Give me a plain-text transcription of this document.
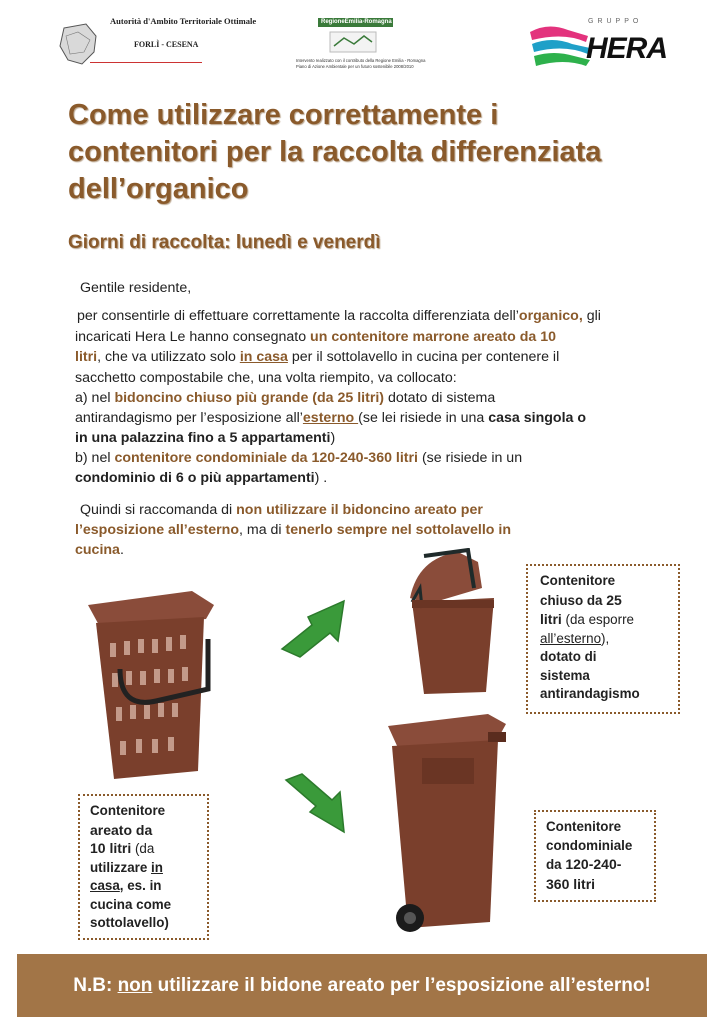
Autorità d'Ambito Territoriale Ottimale
FORLÌ - CESENA
RegioneEmilia-Romagna
Intervento realizzato con il contributo della Regione Emilia - Romagna
Piano di Azione Ambientale per un futuro sostenibile 2008/2010
GRUPPO
HERA
Come utilizzare correttamente i
contenitori per la raccolta differenziata
dell’organico
Giorni di raccolta: lunedì e venerdì
Gentile residente,
per consentirle di effettuare correttamente la raccolta differenziata dell’organico, gli
incaricati Hera Le hanno consegnato un contenitore marrone areato da 10
litri, che va utilizzato solo in casa per il sottolavello in cucina per contenere il
sacchetto compostabile che, una volta riempito, va collocato:
a) nel bidoncino chiuso più grande (da 25 litri) dotato di sistema
antirandagismo per l’esposizione all’esterno (se lei risiede in una casa singola o
in una palazzina fino a 5 appartamenti)
b) nel contenitore condominiale da 120-240-360 litri (se risiede in un
condominio di 6 o più appartamenti) .
Quindi si raccomanda di non utilizzare il bidoncino areato per
l’esposizione all’esterno, ma di tenerlo sempre nel sottolavello in
cucina.
Contenitore
chiuso da 25
litri (da esporre
all’esterno),
dotato di
sistema
antirandagismo
Contenitore
areato da
10 litri (da
utilizzare in
casa, es. in
cucina come
sottolavello)
Contenitore
condominiale
da 120-240-
360 litri
N.B: non utilizzare il bidone areato per l’esposizione all’esterno!
